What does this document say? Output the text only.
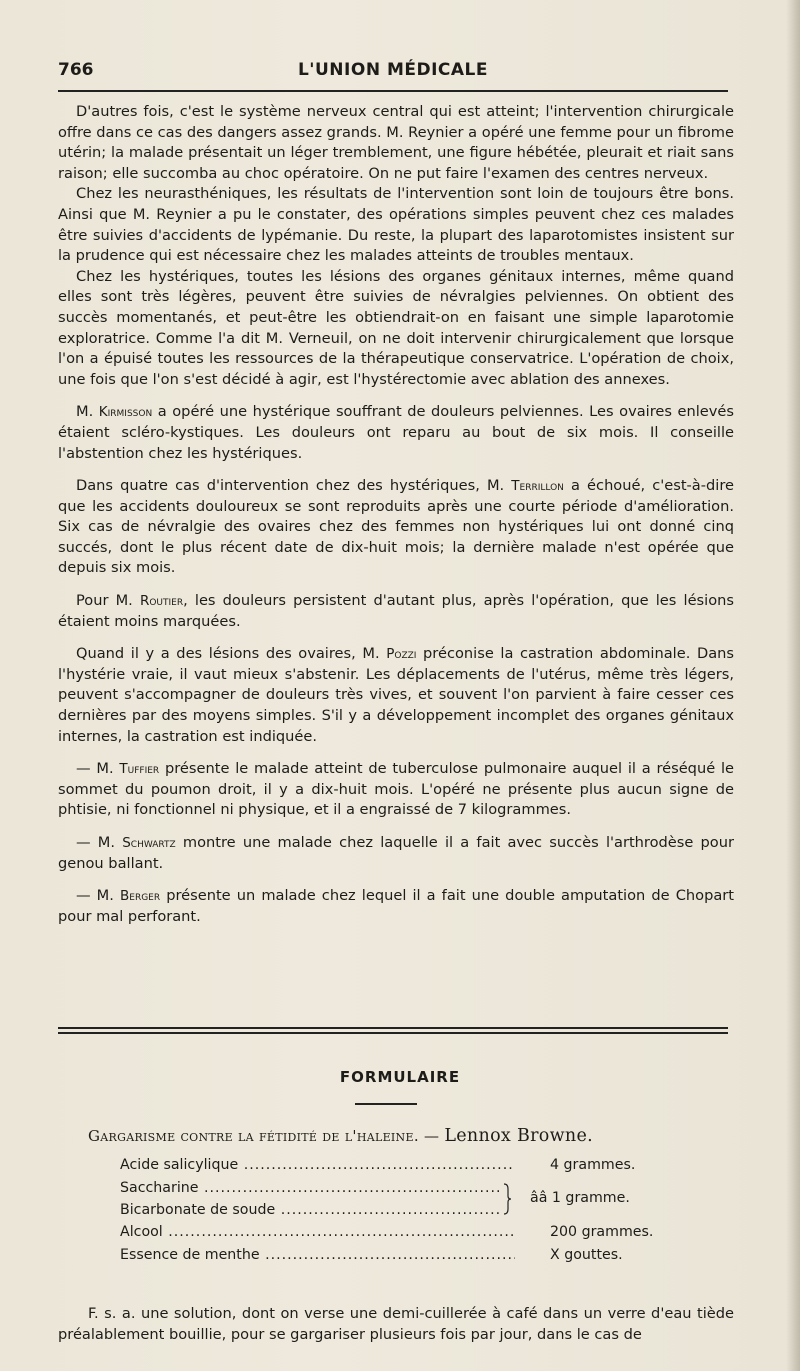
766	L'UNION MÉDICALE

D'autres fois, c'est le système nerveux central qui est atteint; l'intervention chirurgicale offre dans ce cas des dangers assez grands. M. Reynier a opéré une femme pour un fibrome utérin; la malade présentait un léger tremblement, une figure hébétée, pleurait et riait sans raison; elle succomba au choc opératoire. On ne put faire l'examen des centres nerveux.

Chez les neurasthéniques, les résultats de l'intervention sont loin de toujours être bons. Ainsi que M. Reynier a pu le constater, des opérations simples peuvent chez ces malades être suivies d'accidents de lypémanie. Du reste, la plupart des laparotomistes insistent sur la prudence qui est nécessaire chez les malades atteints de troubles mentaux.

Chez les hystériques, toutes les lésions des organes génitaux internes, même quand elles sont très légères, peuvent être suivies de névralgies pelviennes. On obtient des succès momentanés, et peut-être les obtiendrait-on en faisant une simple laparotomie exploratrice. Comme l'a dit M. Verneuil, on ne doit intervenir chirurgicalement que lorsque l'on a épuisé toutes les ressources de la thérapeutique conservatrice. L'opération de choix, une fois que l'on s'est décidé à agir, est l'hystérectomie avec ablation des annexes.

M. Kirmisson a opéré une hystérique souffrant de douleurs pelviennes. Les ovaires enlevés étaient scléro-kystiques. Les douleurs ont reparu au bout de six mois. Il conseille l'abstention chez les hystériques.

Dans quatre cas d'intervention chez des hystériques, M. Terrillon a échoué, c'est-à-dire que les accidents douloureux se sont reproduits après une courte période d'amélioration. Six cas de névralgie des ovaires chez des femmes non hystériques lui ont donné cinq succés, dont le plus récent date de dix-huit mois; la dernière malade n'est opérée que depuis six mois.

Pour M. Routier, les douleurs persistent d'autant plus, après l'opération, que les lésions étaient moins marquées.

Quand il y a des lésions des ovaires, M. Pozzi préconise la castration abdominale. Dans l'hystérie vraie, il vaut mieux s'abstenir. Les déplacements de l'utérus, même très légers, peuvent s'accompagner de douleurs très vives, et souvent l'on parvient à faire cesser ces dernières par des moyens simples. S'il y a développement incomplet des organes génitaux internes, la castration est indiquée.

— M. Tuffier présente le malade atteint de tuberculose pulmonaire auquel il a réséqué le sommet du poumon droit, il y a dix-huit mois. L'opéré ne présente plus aucun signe de phtisie, ni fonctionnel ni physique, et il a engraissé de 7 kilogrammes.

— M. Schwartz montre une malade chez laquelle il a fait avec succès l'arthrodèse pour genou ballant.

— M. Berger présente un malade chez lequel il a fait une double amputation de Chopart pour mal perforant.

FORMULAIRE
Gargarisme contre la fétidité de l'haleine. — Lennox Browne.
Acide salicylique .....	4 grammes.
Saccharine .....
Bicarbonate de soude .....
ââ 1 gramme.
Alcool .....	200 grammes.
Essence de menthe .....	X gouttes.

F. s. a. une solution, dont on verse une demi-cuillerée à café dans un verre d'eau tiède préalablement bouillie, pour se gargariser plusieurs fois par jour, dans le cas de
